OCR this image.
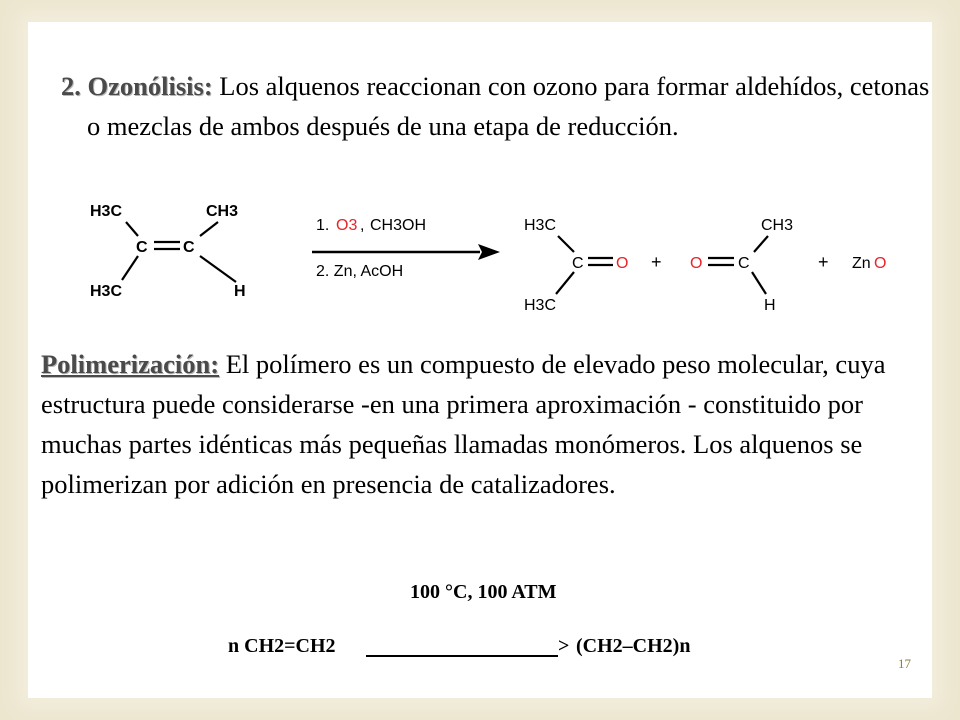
2. Ozonólisis: Los alquenos reaccionan con ozono para formar aldehídos, cetonas o mezclas de ambos después de una etapa de reducción.

H3C	CH3
C C
H3C	H
1. O3 , CH3OH
2. Zn, AcOH
H3C
C O
H3C
+ O C
CH3
H
+ Zn O

Polimerización: El polímero es un compuesto de elevado peso molecular, cuya estructura puede considerarse -en una primera aproximación - constituido por muchas partes idénticas más pequeñas llamadas monómeros. Los alquenos se polimerizan por adición en presencia de catalizadores.

100 °C, 100 ATM
n CH2=CH2	> (CH2–CH2)n
17
